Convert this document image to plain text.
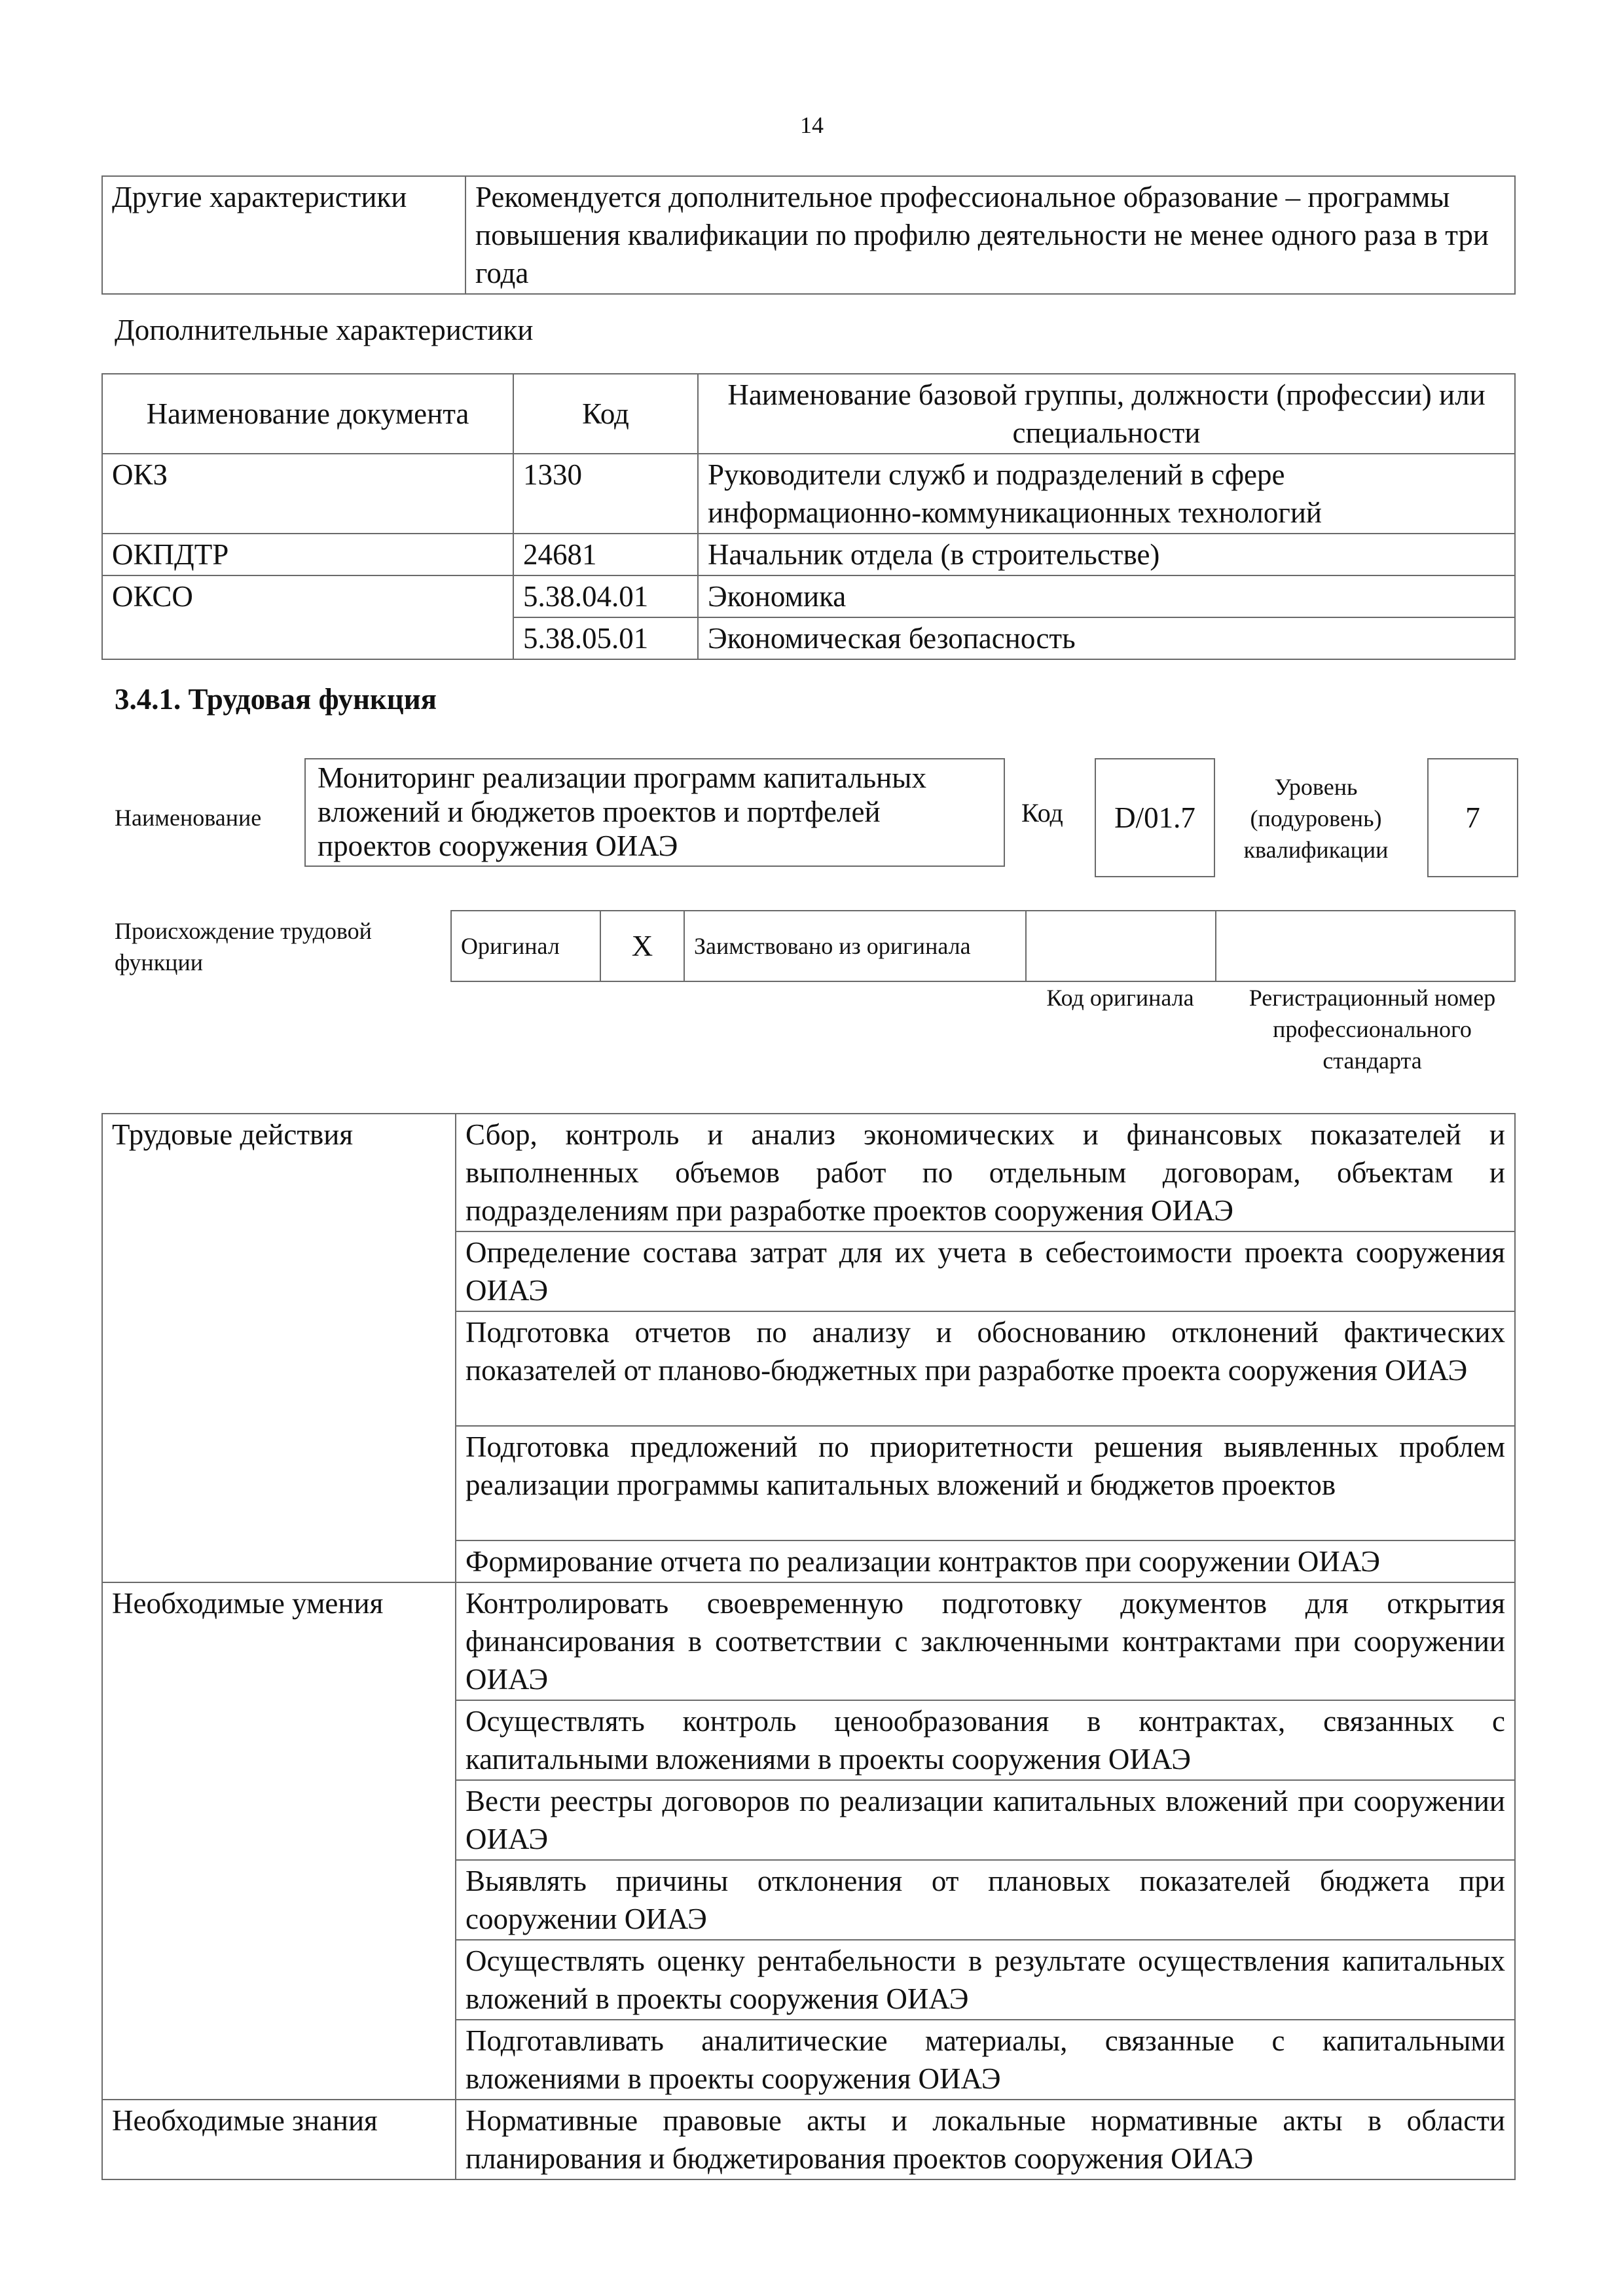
14
Другие характеристики	Рекомендуется дополнительное профессиональное образование – программы повышения квалификации по профилю деятельности не менее одного раза в три года
Дополнительные характеристики
Наименование документа	Код	Наименование базовой группы, должности (профессии) или специальности
ОКЗ	1330	Руководители служб и подразделений в сфере информационно-коммуникационных технологий
ОКПДТР	24681	Начальник отдела (в строительстве)
ОКСО	5.38.04.01	Экономика
	5.38.05.01	Экономическая безопасность
3.4.1. Трудовая функция
Наименование
Мониторинг реализации программ капитальных вложений и бюджетов проектов и портфелей проектов сооружения ОИАЭ
Код	D/01.7
Уровень (подуровень) квалификации
7
Происхождение трудовой функции
Оригинал	X	Заимствовано из оригинала		
Код оригинала	Регистрационный номер профессионального стандарта
Трудовые действия	Сбор, контроль и анализ экономических и финансовых показателей и выполненных объемов работ по отдельным договорам, объектам и подразделениям при разработке проектов сооружения ОИАЭ
	Определение состава затрат для их учета в себестоимости проекта сооружения ОИАЭ
	Подготовка отчетов по анализу и обоснованию отклонений фактических показателей от планово-бюджетных при разработке проекта сооружения ОИАЭ
	Подготовка предложений по приоритетности решения выявленных проблем реализации программы капитальных вложений и бюджетов проектов
	Формирование отчета по реализации контрактов при сооружении ОИАЭ
Необходимые умения	Контролировать своевременную подготовку документов для открытия финансирования в соответствии с заключенными контрактами при сооружении ОИАЭ
	Осуществлять контроль ценообразования в контрактах, связанных с капитальными вложениями в проекты сооружения ОИАЭ
	Вести реестры договоров по реализации капитальных вложений при сооружении ОИАЭ
	Выявлять причины отклонения от плановых показателей бюджета при сооружении ОИАЭ
	Осуществлять оценку рентабельности в результате осуществления капитальных вложений в проекты сооружения ОИАЭ
	Подготавливать аналитические материалы, связанные с капитальными вложениями в проекты сооружения ОИАЭ
Необходимые знания	Нормативные правовые акты и локальные нормативные акты в области планирования и бюджетирования проектов сооружения ОИАЭ
